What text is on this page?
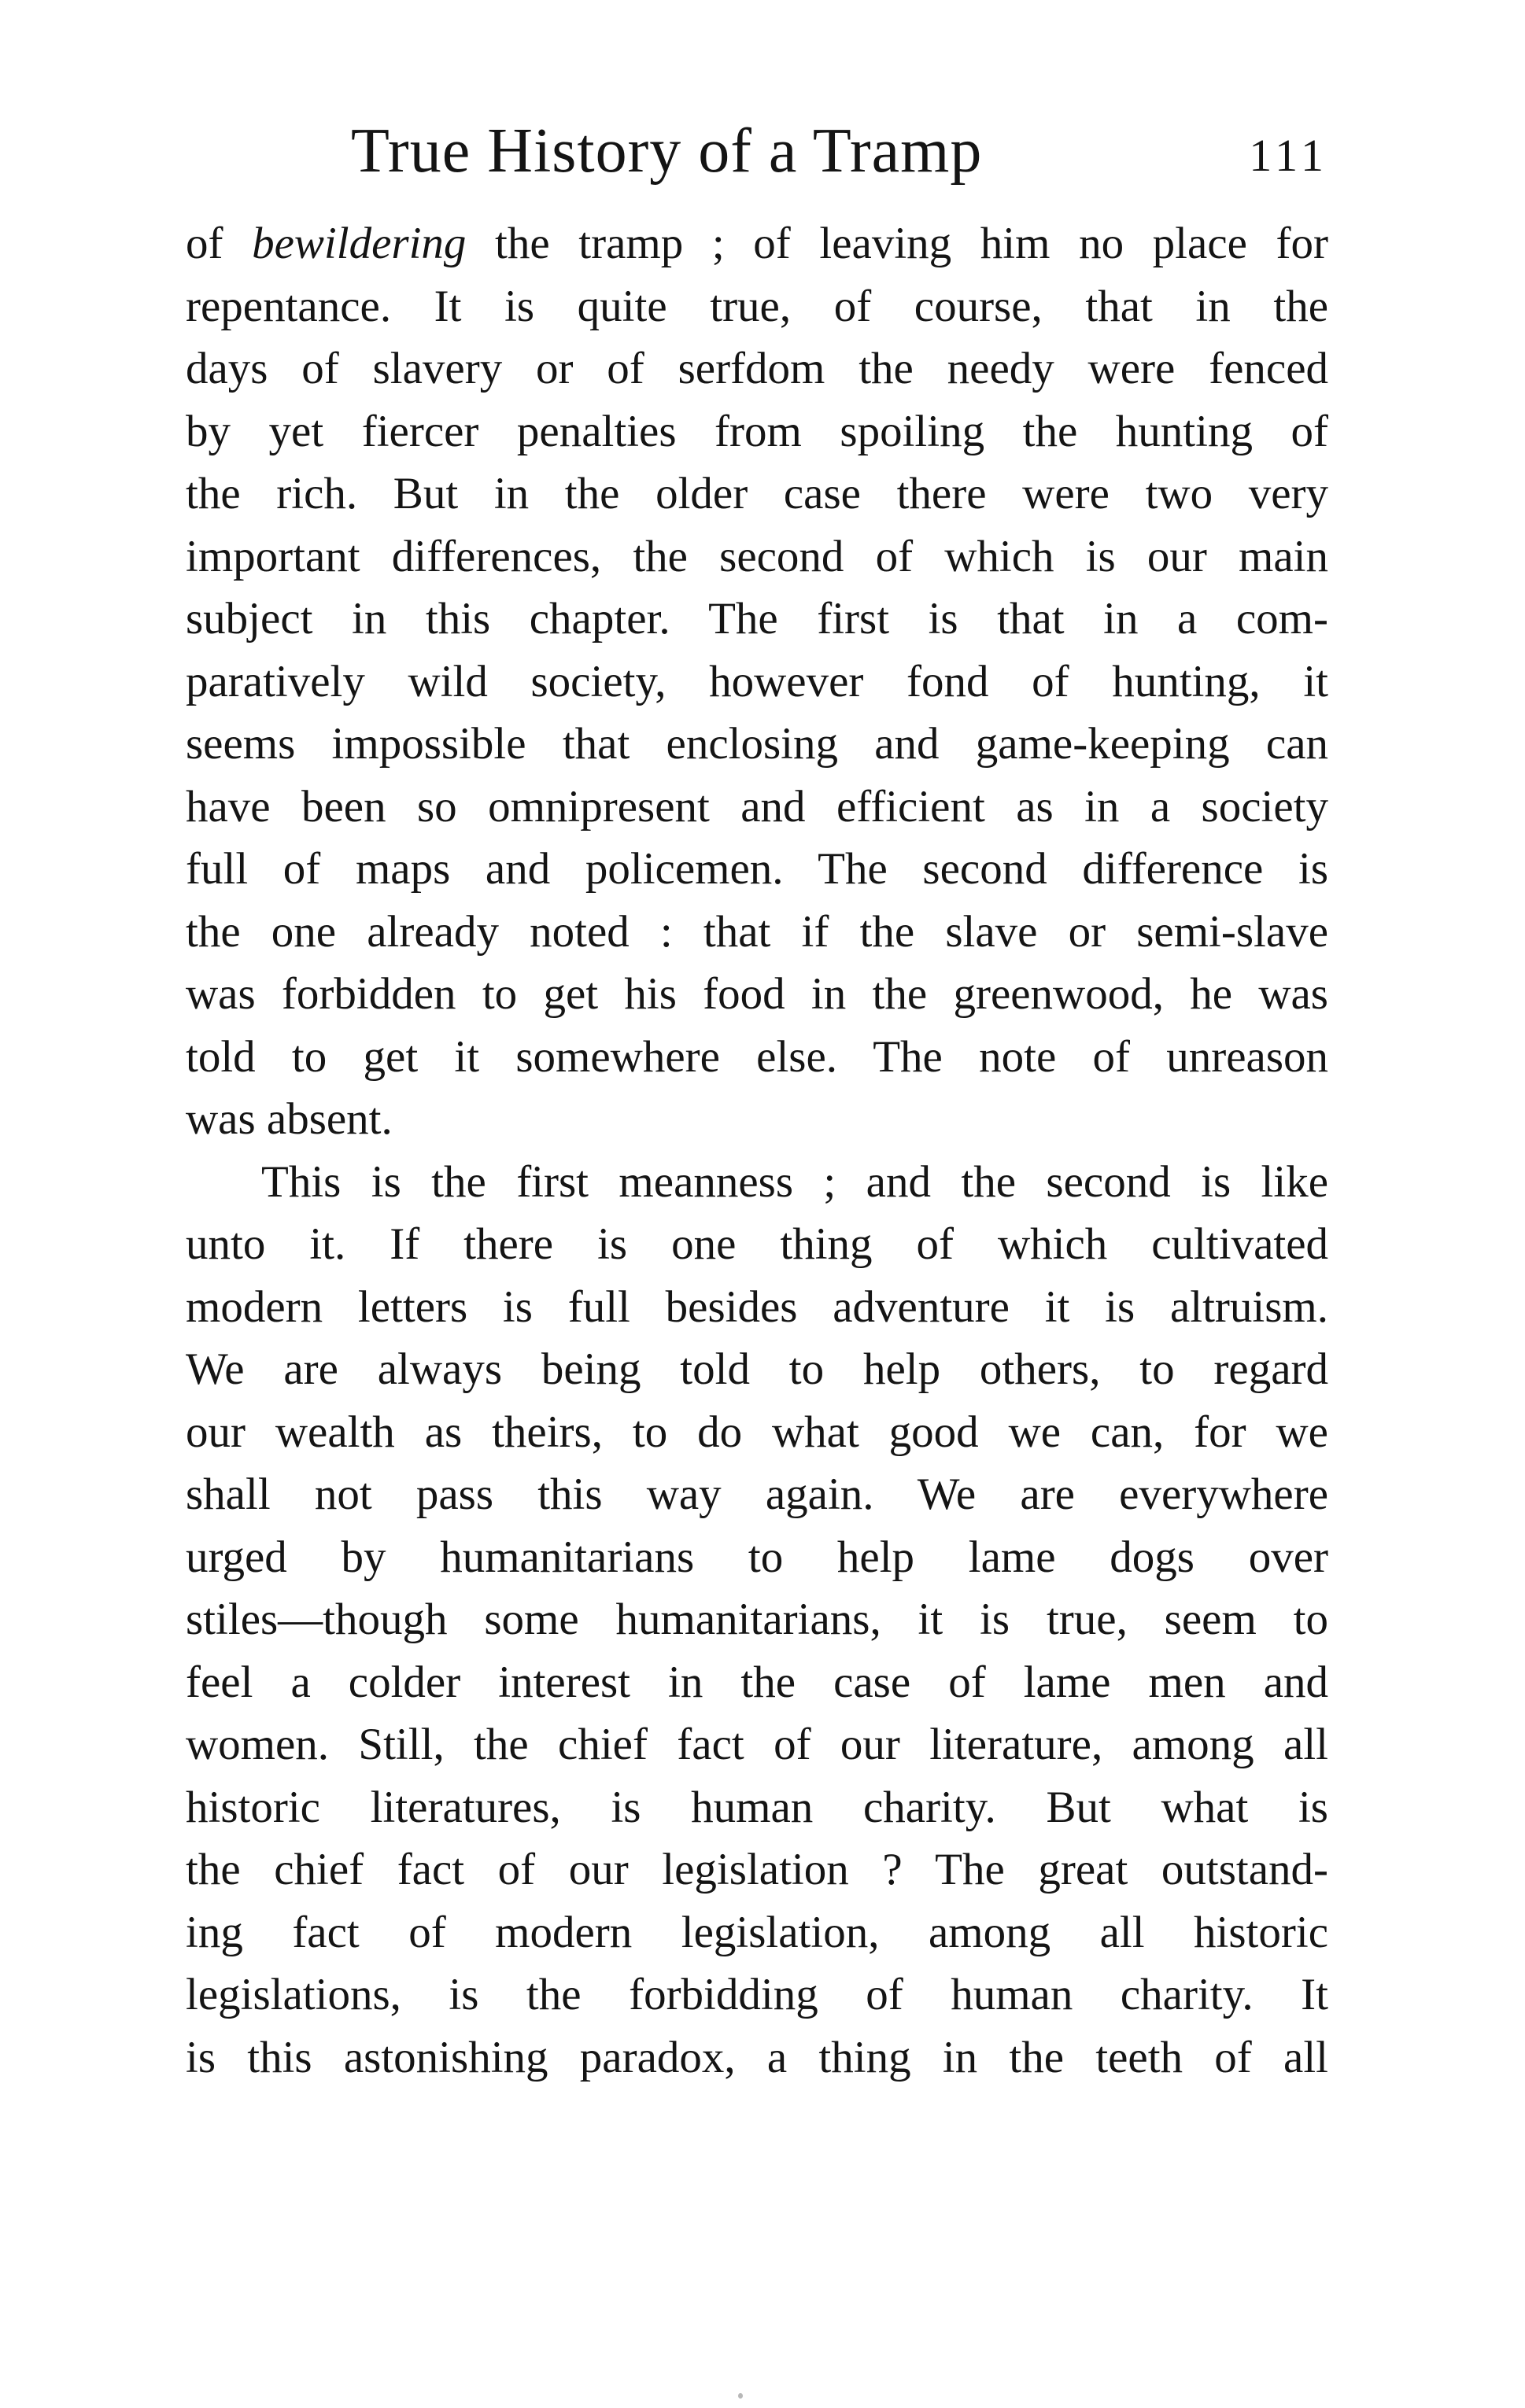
True History of a Tramp	111
of bewildering the tramp ; of leaving him no place for
repentance. It is quite true, of course, that in the
days of slavery or of serfdom the needy were fenced
by yet fiercer penalties from spoiling the hunting of
the rich. But in the older case there were two very
important differences, the second of which is our main
subject in this chapter. The first is that in a com-
paratively wild society, however fond of hunting, it
seems impossible that enclosing and game-keeping can
have been so omnipresent and efficient as in a society
full of maps and policemen. The second difference is
the one already noted : that if the slave or semi-slave
was forbidden to get his food in the greenwood, he was
told to get it somewhere else. The note of unreason
was absent.
This is the first meanness ; and the second is like
unto it. If there is one thing of which cultivated
modern letters is full besides adventure it is altruism.
We are always being told to help others, to regard
our wealth as theirs, to do what good we can, for we
shall not pass this way again. We are everywhere
urged by humanitarians to help lame dogs over
stiles—though some humanitarians, it is true, seem to
feel a colder interest in the case of lame men and
women. Still, the chief fact of our literature, among all
historic literatures, is human charity. But what is
the chief fact of our legislation ? The great outstand-
ing fact of modern legislation, among all historic
legislations, is the forbidding of human charity. It
is this astonishing paradox, a thing in the teeth of all
